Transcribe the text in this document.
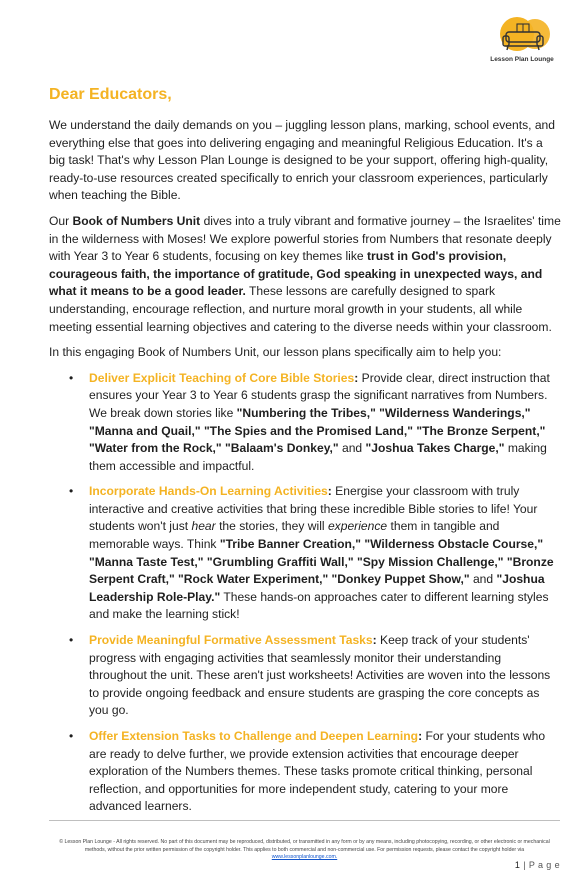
Lesson Plan Lounge
Dear Educators,

We understand the daily demands on you – juggling lesson plans, marking, school events, and everything else that goes into delivering engaging and meaningful Religious Education. It's a big task! That's why Lesson Plan Lounge is designed to be your support, offering high-quality, ready-to-use resources created specifically to enrich your classroom experiences, particularly when teaching the Bible.

Our Book of Numbers Unit dives into a truly vibrant and formative journey – the Israelites' time in the wilderness with Moses! We explore powerful stories from Numbers that resonate deeply with Year 3 to Year 6 students, focusing on key themes like trust in God's provision, courageous faith, the importance of gratitude, God speaking in unexpected ways, and what it means to be a good leader. These lessons are carefully designed to spark understanding, encourage reflection, and nurture moral growth in your students, all while meeting essential learning objectives and catering to the diverse needs within your classroom.

In this engaging Book of Numbers Unit, our lesson plans specifically aim to help you:

• Deliver Explicit Teaching of Core Bible Stories: Provide clear, direct instruction that ensures your Year 3 to Year 6 students grasp the significant narratives from Numbers. We break down stories like "Numbering the Tribes," "Wilderness Wanderings," "Manna and Quail," "The Spies and the Promised Land," "The Bronze Serpent," "Water from the Rock," "Balaam's Donkey," and "Joshua Takes Charge," making them accessible and impactful.
• Incorporate Hands-On Learning Activities: Energise your classroom with truly interactive and creative activities that bring these incredible Bible stories to life! Your students won't just hear the stories, they will experience them in tangible and memorable ways. Think "Tribe Banner Creation," "Wilderness Obstacle Course," "Manna Taste Test," "Grumbling Graffiti Wall," "Spy Mission Challenge," "Bronze Serpent Craft," "Rock Water Experiment," "Donkey Puppet Show," and "Joshua Leadership Role-Play." These hands-on approaches cater to different learning styles and make the learning stick!
• Provide Meaningful Formative Assessment Tasks: Keep track of your students' progress with engaging activities that seamlessly monitor their understanding throughout the unit. These aren't just worksheets! Activities are woven into the lessons to provide ongoing feedback and ensure students are grasping the core concepts as you go.
• Offer Extension Tasks to Challenge and Deepen Learning: For your students who are ready to delve further, we provide extension activities that encourage deeper exploration of the Numbers themes. These tasks promote critical thinking, personal reflection, and opportunities for more independent study, catering to your more advanced learners.
© Lesson Plan Lounge - All rights reserved. No part of this document may be reproduced, distributed, or transmitted in any form or by any means, including photocopying, recording, or other electronic or mechanical methods, without the prior written permission of the copyright holder. This applies to both commercial and non-commercial use. For permission requests, please contact the copyright holder via
www.lessonplanlounge.com.
1 | P a g e
